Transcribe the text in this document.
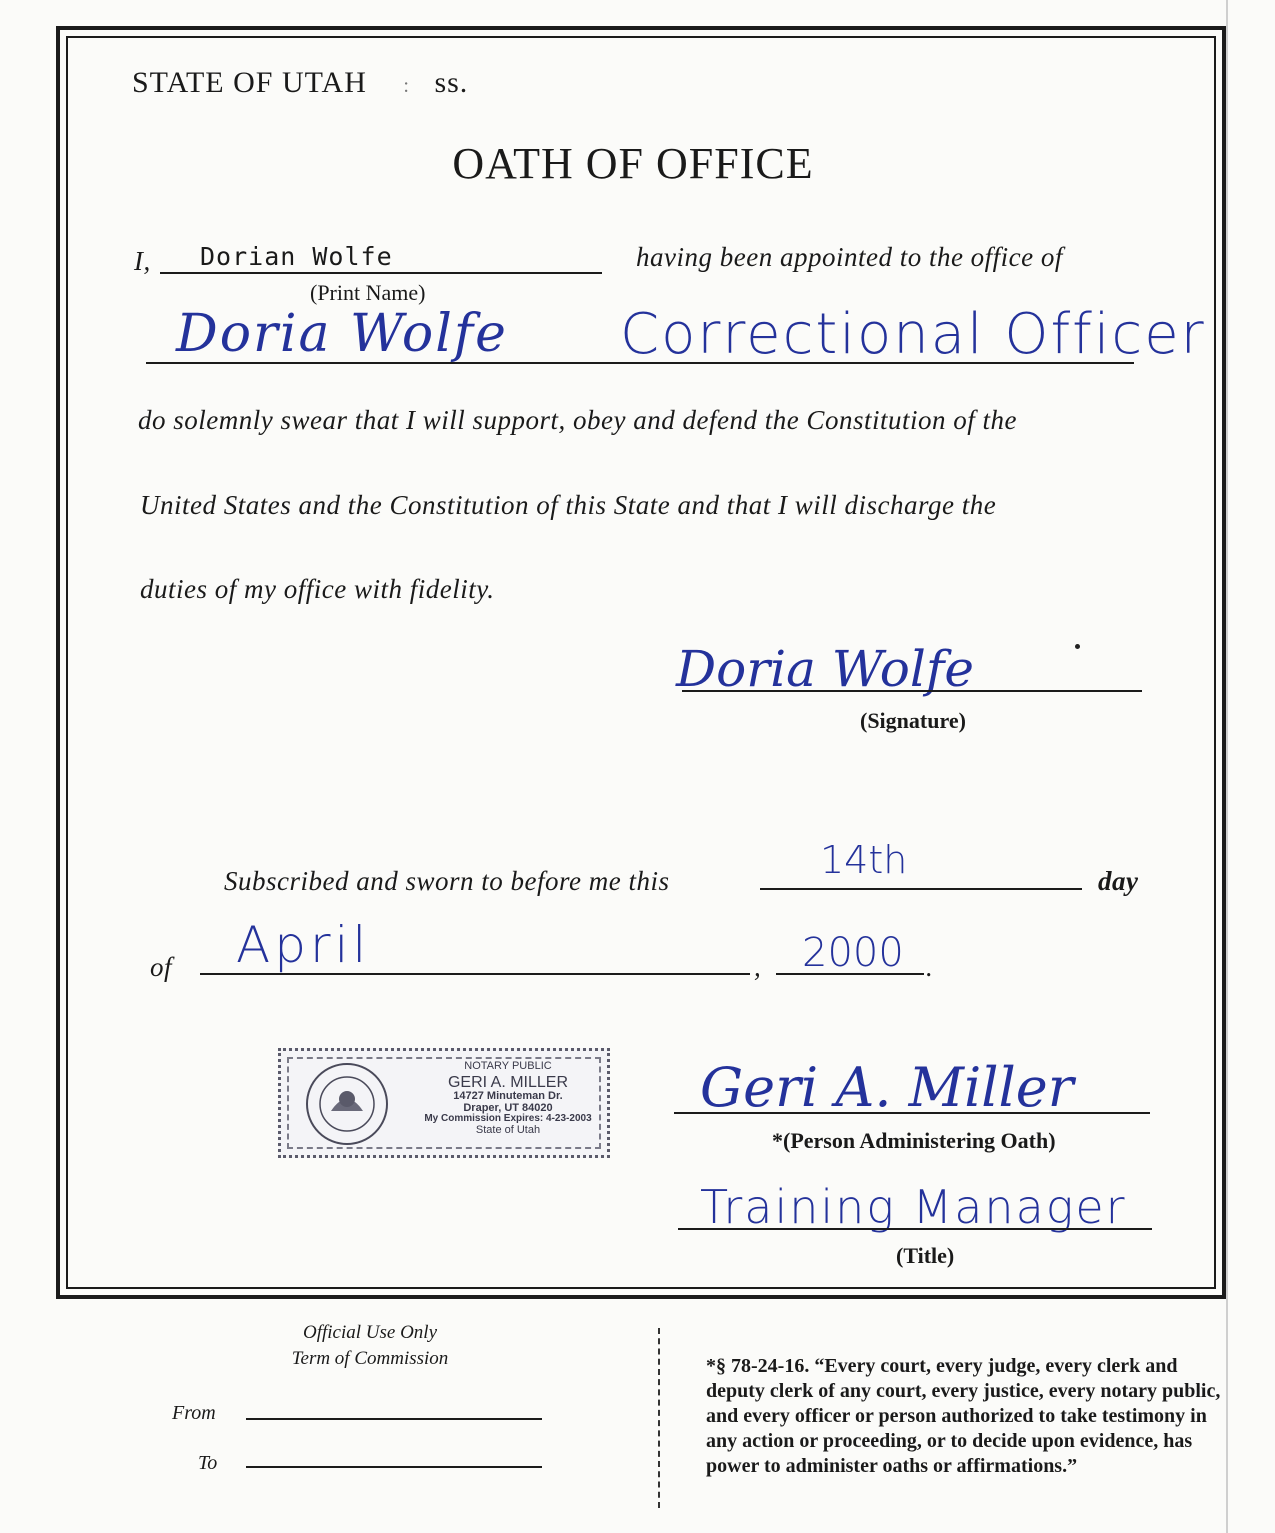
STATE OF UTAH : ss.
OATH OF OFFICE
I, Dorian Wolfe	having been appointed to the office of
(Print Name)
Doria Wolfe Correctional Officer
do solemnly swear that I will support, obey and defend the Constitution of the
United States and the Constitution of this State and that I will discharge the
duties of my office with fidelity.
Doria Wolfe
(Signature)
Subscribed and sworn to before me this	14th	day
of April	, 2000 .
NOTARY PUBLIC
GERI A. MILLER
14727 Minuteman Dr.
Draper, UT 84020
My Commission Expires: 4-23-2003
State of Utah
Geri A. Miller
*(Person Administering Oath)
Training Manager
(Title)
Official Use Only
Term of Commission
From
To
*§ 78-24-16. “Every court, every judge, every clerk and deputy clerk of any court, every justice, every notary public, and every officer or person authorized to take testimony in any action or proceeding, or to decide upon evidence, has power to administer oaths or affirmations.”
